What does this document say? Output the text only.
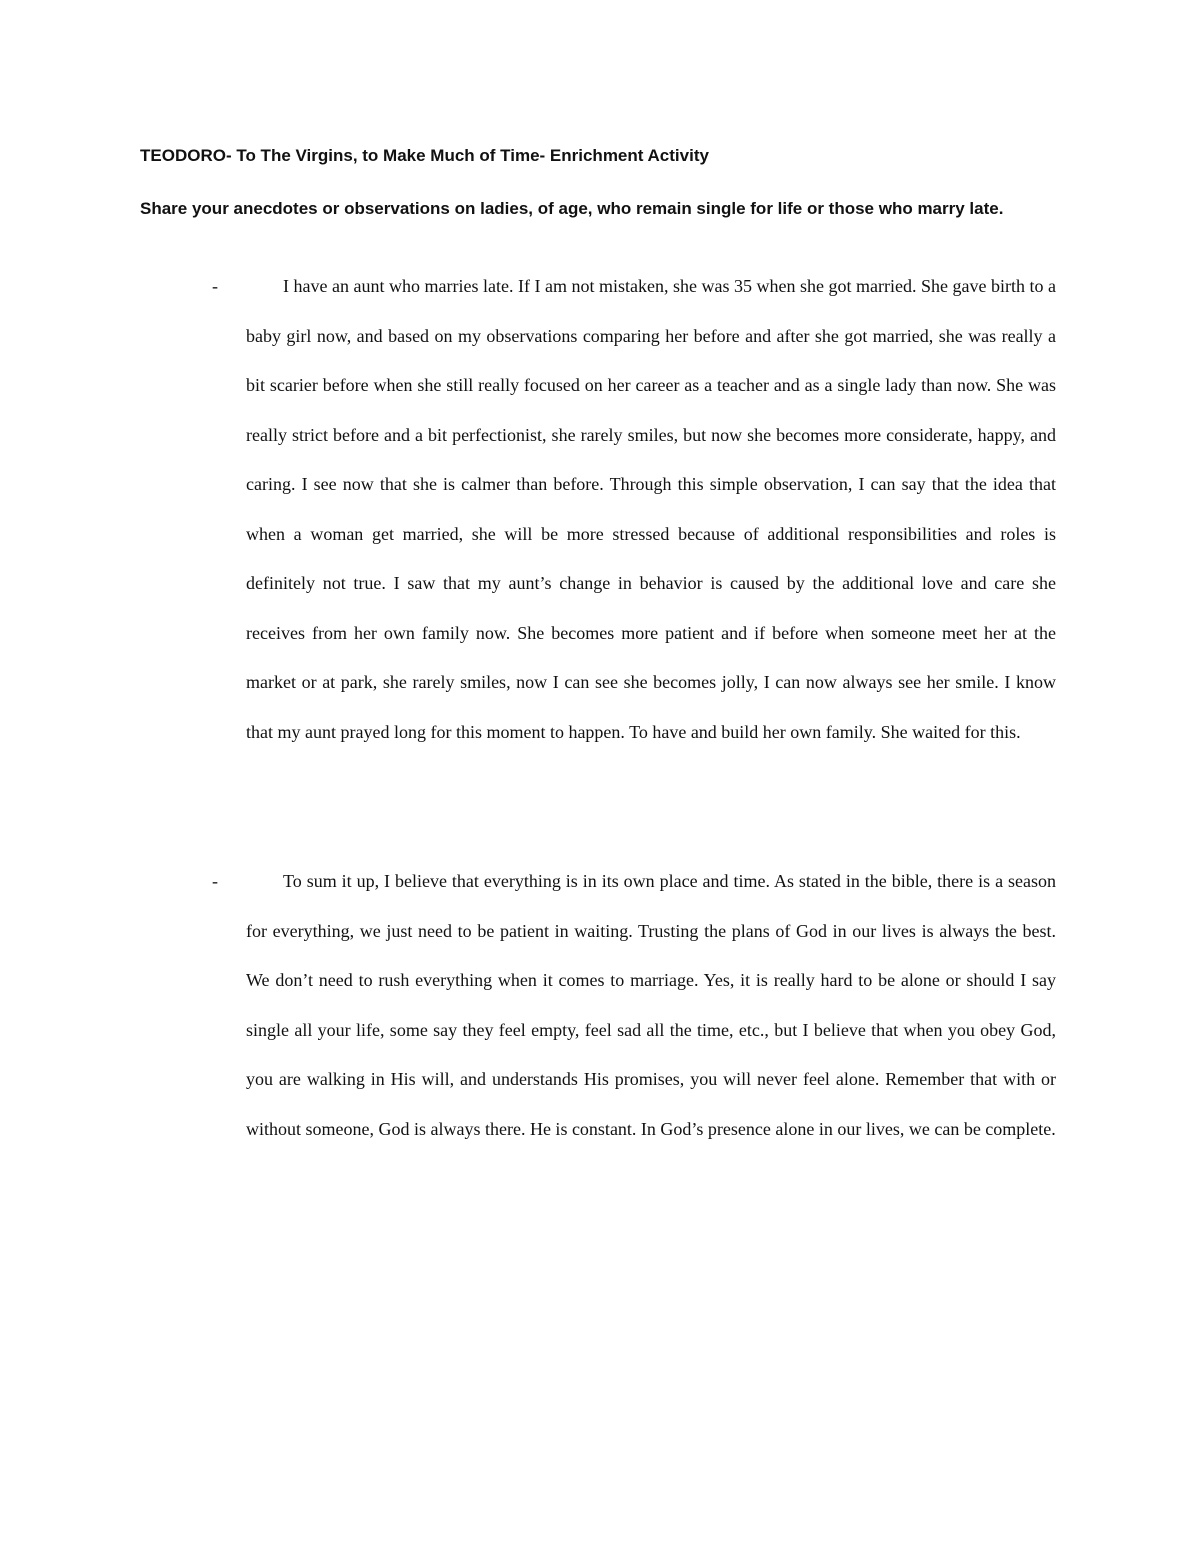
TEODORO- To The Virgins, to Make Much of Time- Enrichment Activity
Share your anecdotes or observations on ladies, of age, who remain single for life or those who marry late.
-	I have an aunt who marries late. If I am not mistaken, she was 35 when she got married. She gave birth to a baby girl now, and based on my observations comparing her before and after she got married, she was really a bit scarier before when she still really focused on her career as a teacher and as a single lady than now. She was really strict before and a bit perfectionist, she rarely smiles, but now she becomes more considerate, happy, and caring. I see now that she is calmer than before. Through this simple observation, I can say that the idea that when a woman get married, she will be more stressed because of additional responsibilities and roles is definitely not true. I saw that my aunt’s change in behavior is caused by the additional love and care she receives from her own family now. She becomes more patient and if before when someone meet her at the market or at park, she rarely smiles, now I can see she becomes jolly, I can now always see her smile. I know that my aunt prayed long for this moment to happen. To have and build her own family. She waited for this.

-	To sum it up, I believe that everything is in its own place and time. As stated in the bible, there is a season for everything, we just need to be patient in waiting. Trusting the plans of God in our lives is always the best. We don’t need to rush everything when it comes to marriage. Yes, it is really hard to be alone or should I say single all your life, some say they feel empty, feel sad all the time, etc., but I believe that when you obey God, you are walking in His will, and understands His promises, you will never feel alone. Remember that with or without someone, God is always there. He is constant. In God’s presence alone in our lives, we can be complete.
